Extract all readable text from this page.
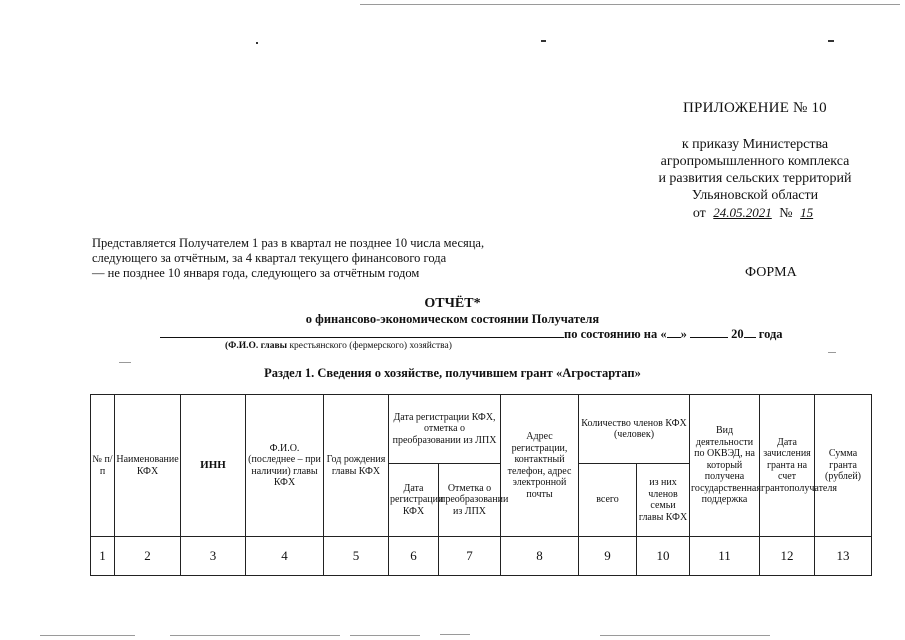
ПРИЛОЖЕНИЕ № 10
к приказу Министерства
агропромышленного комплекса
и развития сельских территорий
Ульяновской области
от 24.05.2021 № 15
Представляется Получателем 1 раз в квартал не позднее 10 числа месяца,
следующего за отчётным, за 4 квартал текущего финансового года
— не позднее 10 января года, следующего за отчётным годом	ФОРМА
ОТЧЁТ*
о финансово-экономическом состоянии Получателя
по состоянию на « »	20 года
(Ф.И.О. главы крестьянского (фермерского) хозяйства)
Раздел 1. Сведения о хозяйстве, получившем грант «Агростартап»
№ п/п	Наименование КФХ	ИНН	Ф.И.О. (последнее – при наличии) главы КФХ	Год рождения главы КФХ	Дата регистрации КФХ, отметка о преобразовании из ЛПХ		Адрес регистрации, контактный телефон, адрес электронной почты	Количество членов КФХ (человек)		Вид деятельности по ОКВЭД, на который получена государственная поддержка	Дата зачисления гранта на счет грантополучателя	Сумма гранта (рублей)
					Дата регистрации КФХ	Отметка о преобразовании из ЛПХ		всего	из них членов семьи главы КФХ			
1	2	3	4	5	6	7	8	9	10	11	12	13
